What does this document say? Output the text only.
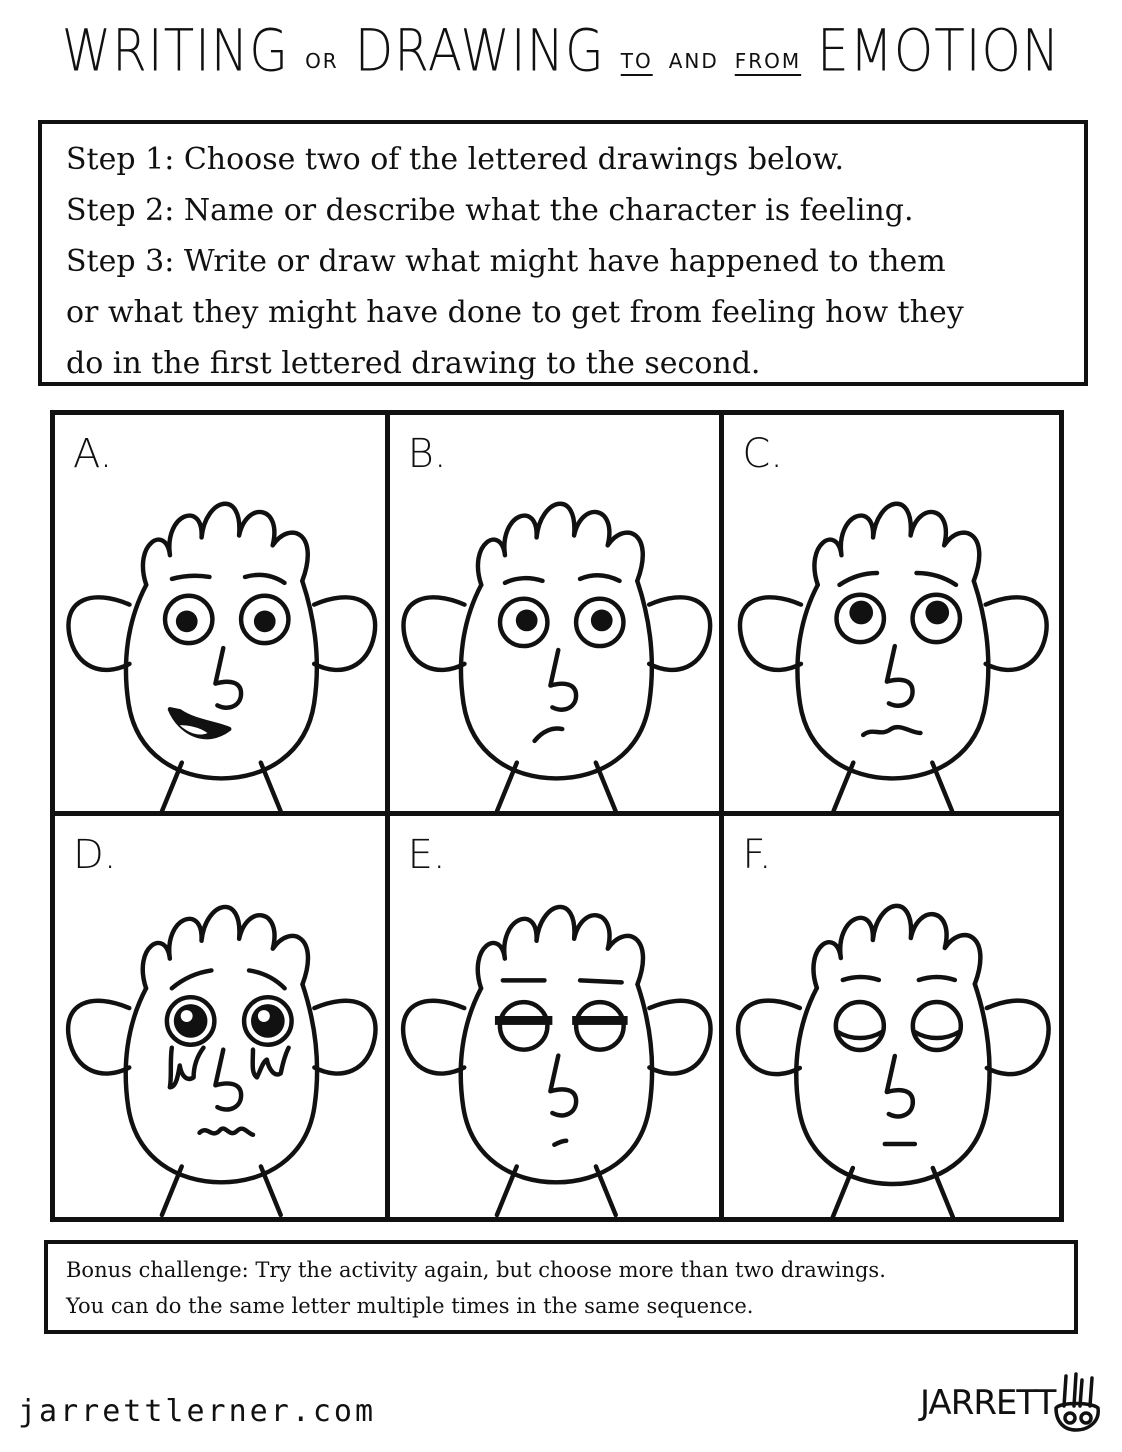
WRITING OR DRAWING TO AND FROM EMOTION
Step 1: Choose two of the lettered drawings below.
Step 2: Name or describe what the character is feeling.
Step 3: Write or draw what might have happened to them
or what they might have done to get from feeling how they
do in the first lettered drawing to the second.
A.	B.	C.
D.	E.	F.
Bonus challenge: Try the activity again, but choose more than two drawings.
You can do the same letter multiple times in the same sequence.
jarrettlerner.com	JARRETT
